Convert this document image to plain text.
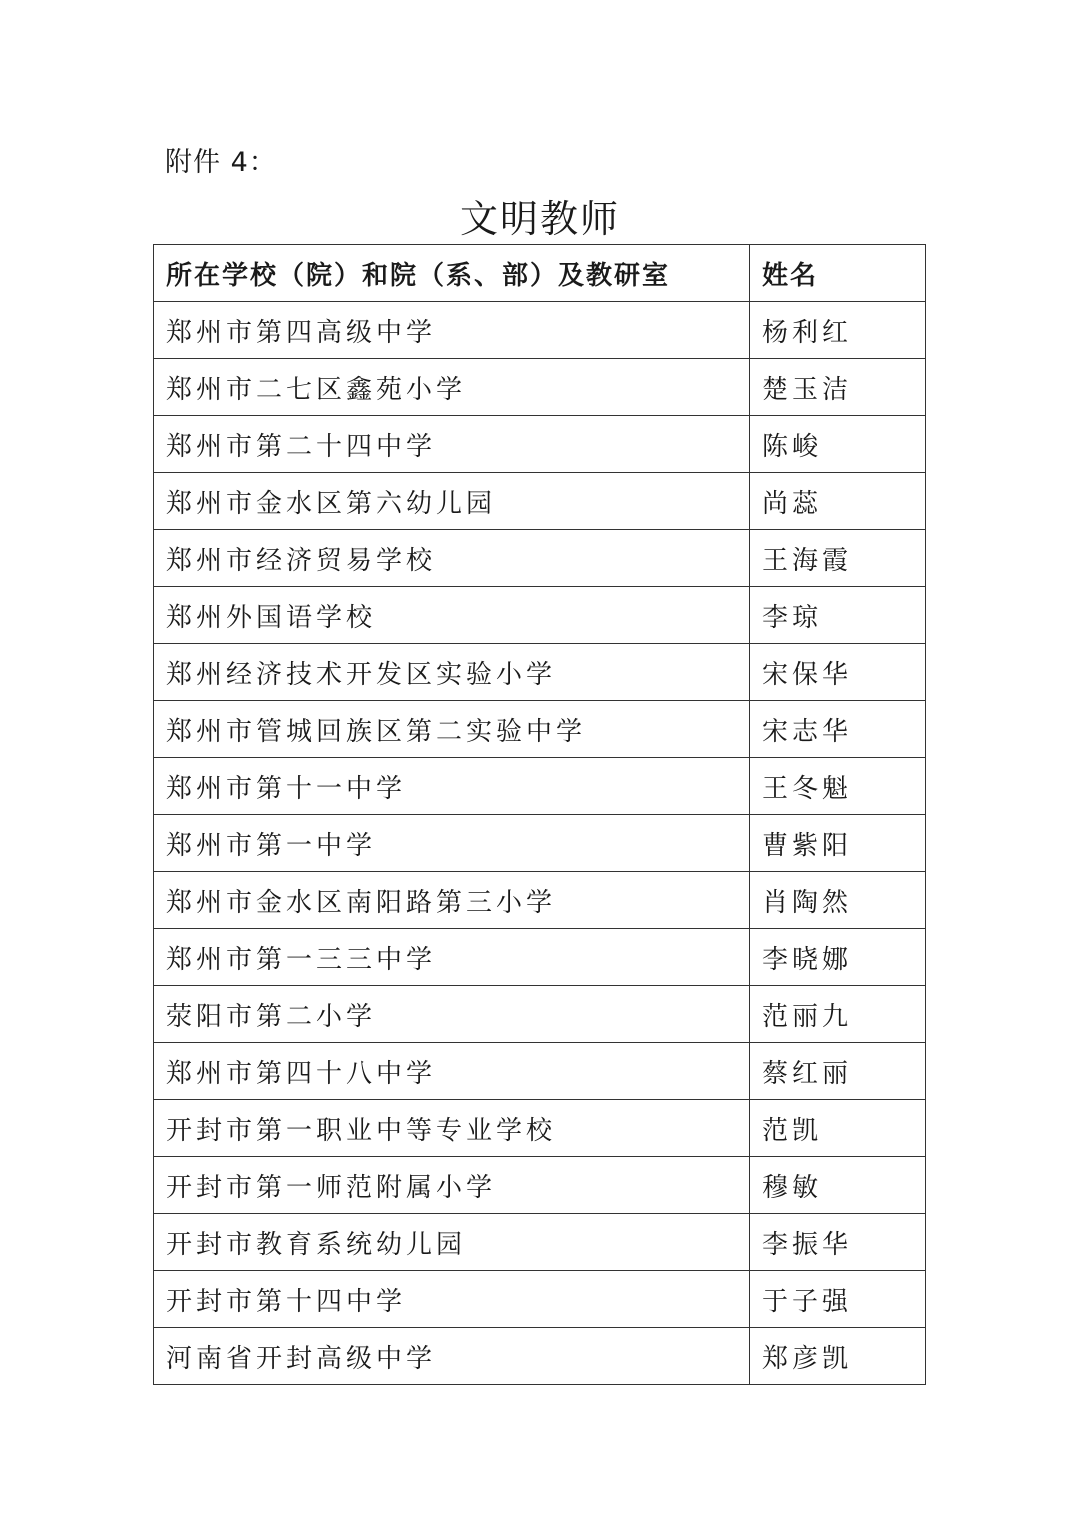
附件 4：
文明教师
所在学校（院）和院（系、部）及教研室	姓名
郑州市第四高级中学	杨利红
郑州市二七区鑫苑小学	楚玉洁
郑州市第二十四中学	陈峻
郑州市金水区第六幼儿园	尚蕊
郑州市经济贸易学校	王海霞
郑州外国语学校	李琼
郑州经济技术开发区实验小学	宋保华
郑州市管城回族区第二实验中学	宋志华
郑州市第十一中学	王冬魁
郑州市第一中学	曹紫阳
郑州市金水区南阳路第三小学	肖陶然
郑州市第一三三中学	李晓娜
荥阳市第二小学	范丽九
郑州市第四十八中学	蔡红丽
开封市第一职业中等专业学校	范凯
开封市第一师范附属小学	穆敏
开封市教育系统幼儿园	李振华
开封市第十四中学	于子强
河南省开封高级中学	郑彦凯
